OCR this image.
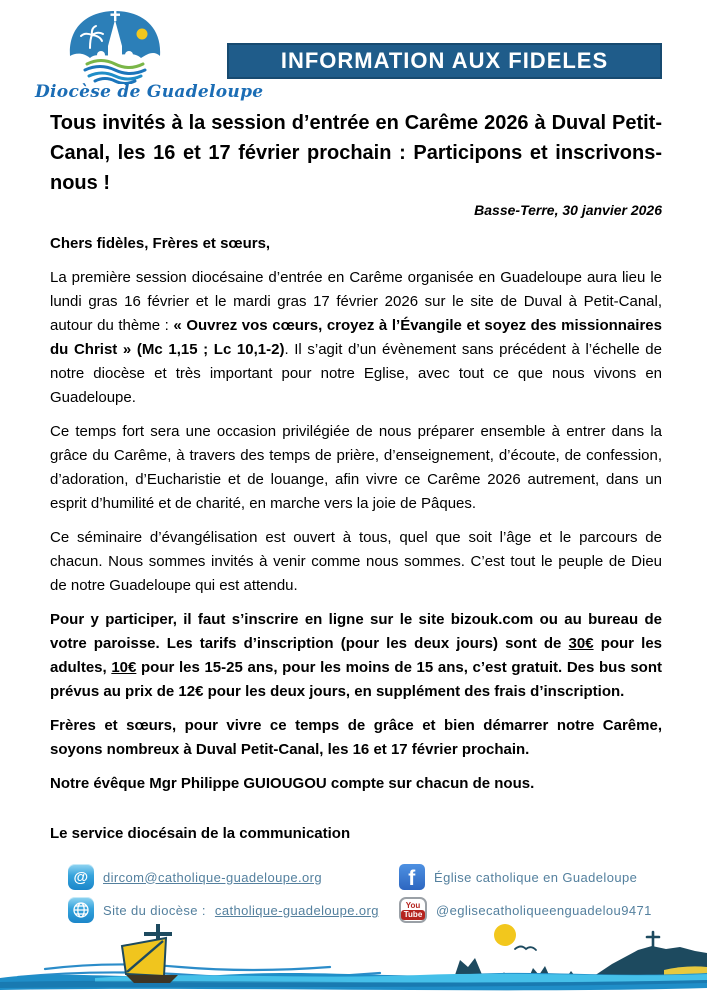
Diocèse de Guadeloupe
INFORMATION AUX FIDELES
Tous invités à la session d’entrée en Carême 2026 à Duval Petit-Canal, les 16 et 17 février prochain : Participons et inscrivons-nous !
Basse-Terre, 30 janvier 2026

Chers fidèles, Frères et sœurs,

La première session diocésaine d’entrée en Carême organisée en Guadeloupe aura lieu le lundi gras 16 février et le mardi gras 17 février 2026 sur le site de Duval à Petit-Canal, autour du thème : « Ouvrez vos cœurs, croyez à l’Évangile et soyez des missionnaires du Christ » (Mc 1,15 ; Lc 10,1-2). Il s’agit d’un évènement sans précédent à l’échelle de notre diocèse et très important pour notre Eglise, avec tout ce que nous vivons en Guadeloupe.

Ce temps fort sera une occasion privilégiée de nous préparer ensemble à entrer dans la grâce du Carême, à travers des temps de prière, d’enseignement, d’écoute, de confession, d’adoration, d’Eucharistie et de louange, afin vivre ce Carême 2026 autrement, dans un esprit d’humilité et de charité, en marche vers la joie de Pâques.

Ce séminaire d’évangélisation est ouvert à tous, quel que soit l’âge et le parcours de chacun. Nous sommes invités à venir comme nous sommes. C’est tout le peuple de Dieu de notre Guadeloupe qui est attendu.

Pour y participer, il faut s’inscrire en ligne sur le site bizouk.com ou au bureau de votre paroisse. Les tarifs d’inscription (pour les deux jours) sont de 30€ pour les adultes, 10€ pour les 15-25 ans, pour les moins de 15 ans, c’est gratuit. Des bus sont prévus au prix de 12€ pour les deux jours, en supplément des frais d’inscription.

Frères et sœurs, pour vivre ce temps de grâce et bien démarrer notre Carême, soyons nombreux à Duval Petit-Canal, les 16 et 17 février prochain.

Notre évêque Mgr Philippe GUIOUGOU compte sur chacun de nous.

Le service diocésain de la communication

@	dircom@catholique-guadeloupe.org
Site du diocèse : catholique-guadeloupe.org
f	Église catholique en Guadeloupe
You
Tube @eglisecatholiqueenguadelou9471
